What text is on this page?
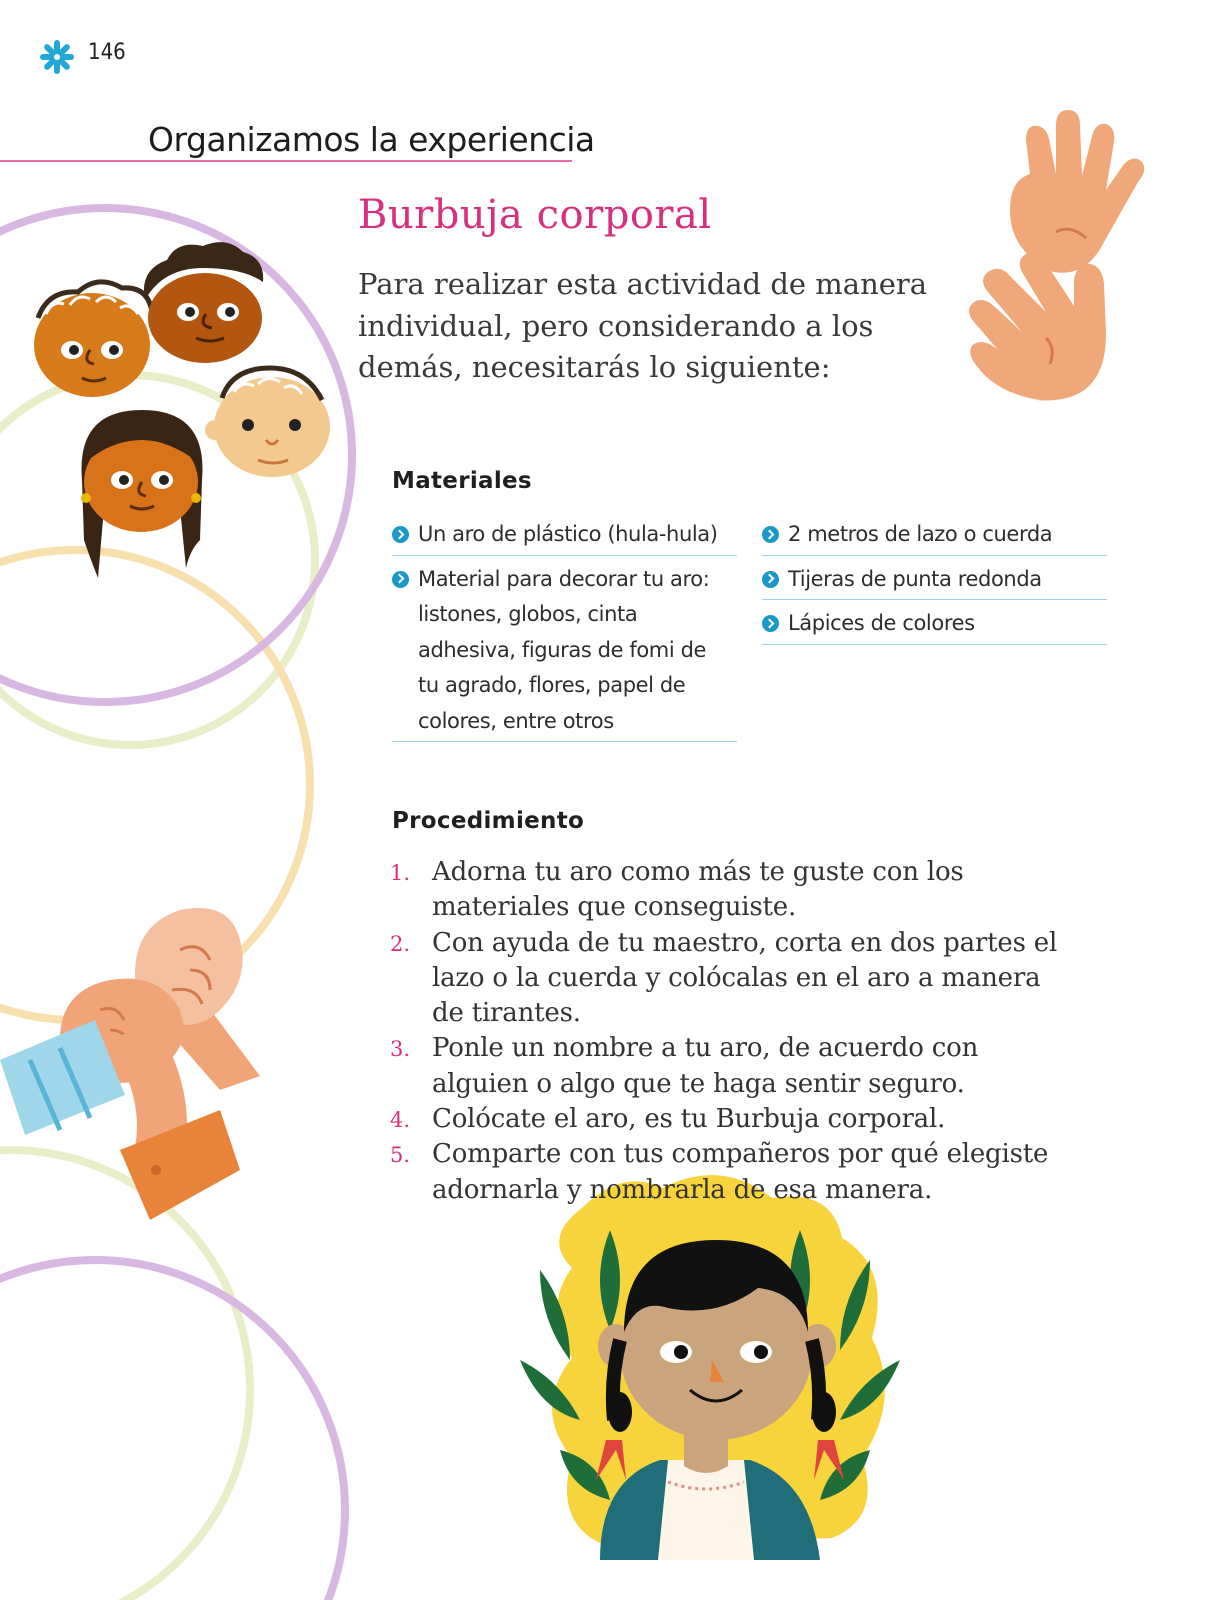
146
Organizamos la experiencia
Burbuja corporal
Para realizar esta actividad de manera
individual, pero considerando a los
demás, necesitarás lo siguiente:
Materiales
Un aro de plástico (hula-hula)
Material para decorar tu aro:
listones, globos, cinta
adhesiva, figuras de fomi de
tu agrado, flores, papel de
colores, entre otros
2 metros de lazo o cuerda
Tijeras de punta redonda
Lápices de colores
Procedimiento
1. Adorna tu aro como más te guste con los
materiales que conseguiste.
2. Con ayuda de tu maestro, corta en dos partes el
lazo o la cuerda y colócalas en el aro a manera
de tirantes.
3. Ponle un nombre a tu aro, de acuerdo con
alguien o algo que te haga sentir seguro.
4. Colócate el aro, es tu Burbuja corporal.
5. Comparte con tus compañeros por qué elegiste
adornarla y nombrarla de esa manera.
